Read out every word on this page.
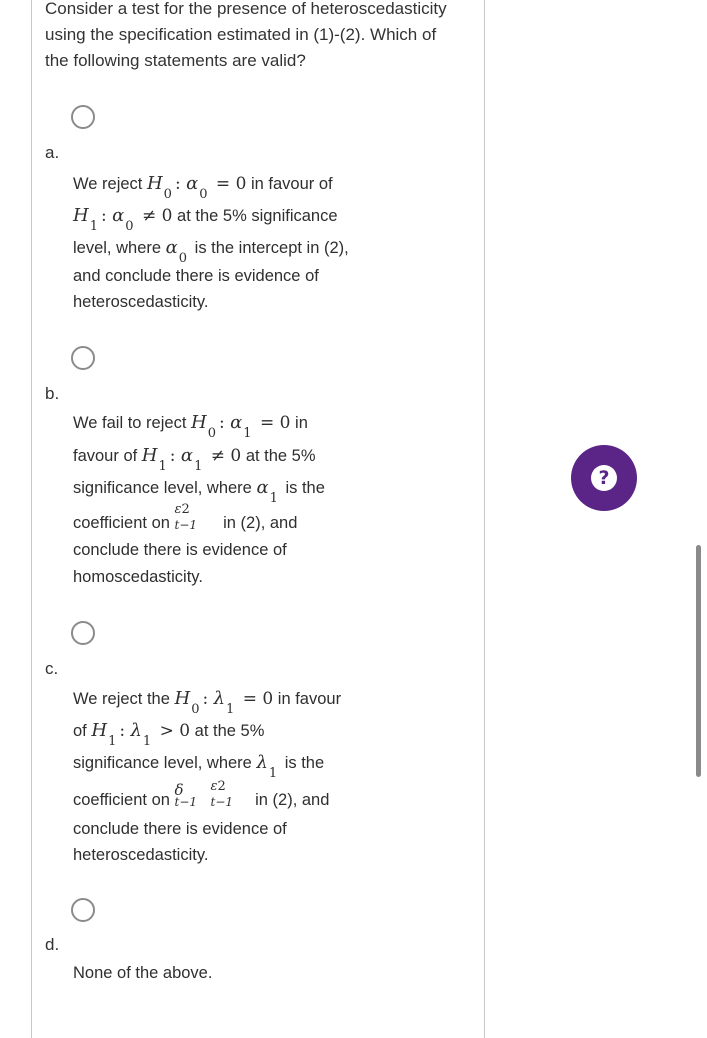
Consider a test for the presence of heteroscedasticity
using the specification estimated in (1)-(2). Which of
the following statements are valid?
a.
We reject $H_0$: $\alpha_0 = 0$ in favour of
$H_1$: $\alpha_0 \ne 0$ at the 5% significance
level, where $\alpha_0$ is the intercept in (2),
and conclude there is evidence of
heteroscedasticity.
b.
We fail to reject $H_0$: $\alpha_1 = 0$ in
favour of $H_1$: $\alpha_1 \ne 0$ at the 5%
significance level, where $\alpha_1$ is the
coefficient on
ε2
t−1 in (2), and
conclude there is evidence of
homoscedasticity.
c.
We reject the $H_0$: $\lambda_1 = 0$ in favour
of $H_1$: $\lambda_1 > 0$ at the 5%
significance level, where $\lambda_1$ is the
coefficient on
δ
t−1
ε2
t−1 in (2), and
conclude there is evidence of
heteroscedasticity.
d.
None of the above.
?
